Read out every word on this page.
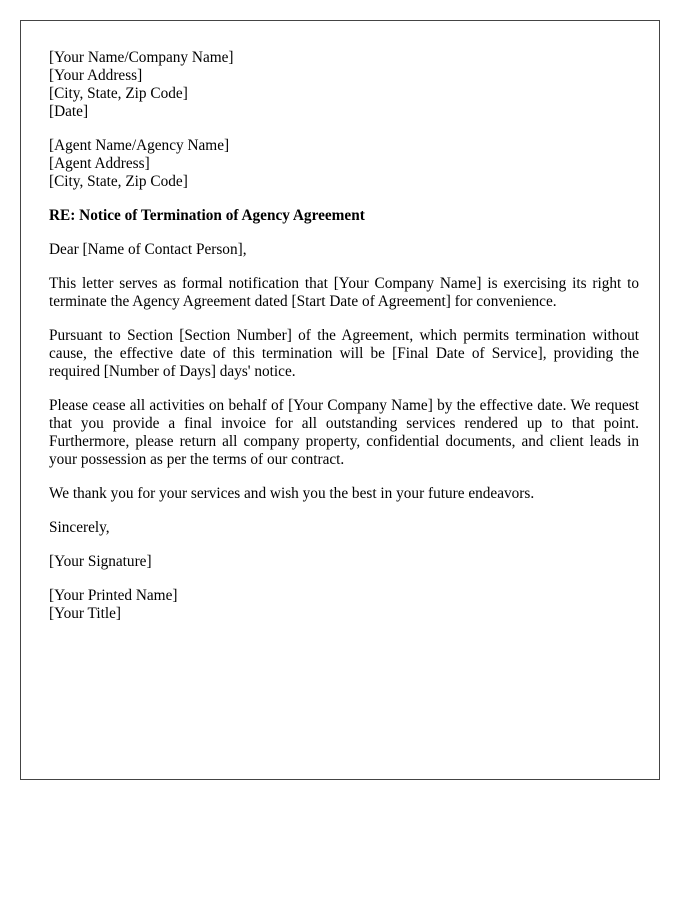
[Your Name/Company Name]
[Your Address]
[City, State, Zip Code]
[Date]
[Agent Name/Agency Name]
[Agent Address]
[City, State, Zip Code]
RE: Notice of Termination of Agency Agreement
Dear [Name of Contact Person],
This letter serves as formal notification that [Your Company Name] is exercising its right to terminate the Agency Agreement dated [Start Date of Agreement] for convenience.
Pursuant to Section [Section Number] of the Agreement, which permits termination without cause, the effective date of this termination will be [Final Date of Service], providing the required [Number of Days] days' notice.
Please cease all activities on behalf of [Your Company Name] by the effective date. We request that you provide a final invoice for all outstanding services rendered up to that point. Furthermore, please return all company property, confidential documents, and client leads in your possession as per the terms of our contract.
We thank you for your services and wish you the best in your future endeavors.
Sincerely,
[Your Signature]
[Your Printed Name]
[Your Title]
